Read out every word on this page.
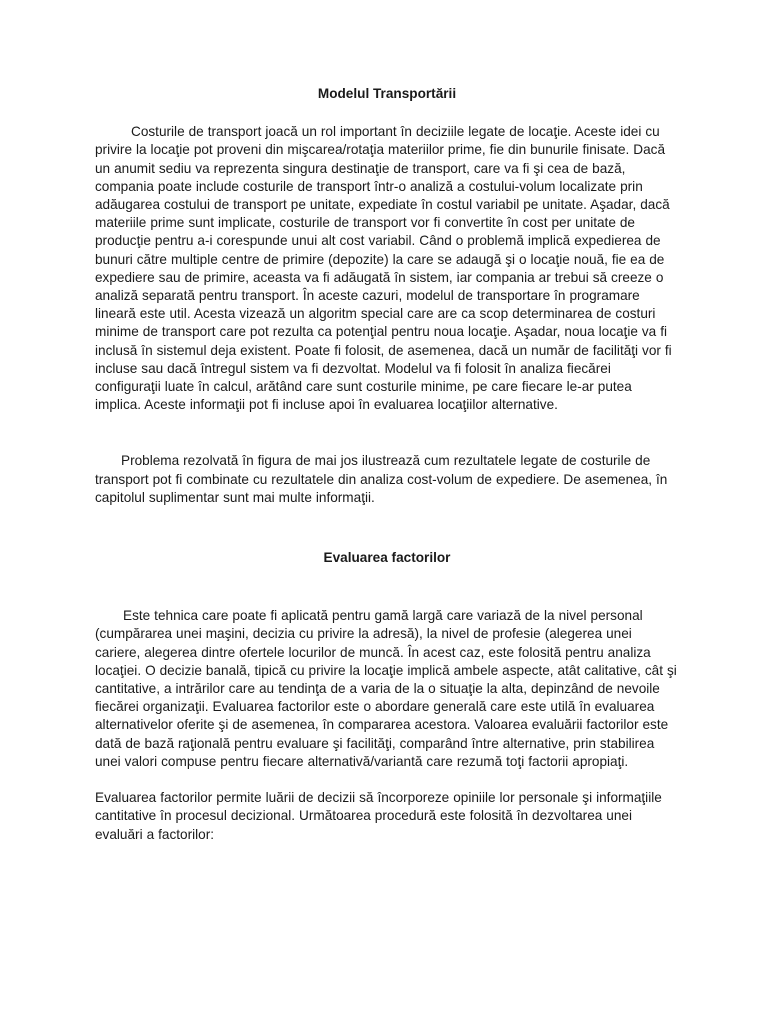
Modelul Transportării

Costurile de transport joacă un rol important în deciziile legate de locaţie. Aceste idei cu privire la locaţie pot proveni din mişcarea/rotaţia materiilor prime, fie din bunurile finisate. Dacă un anumit sediu va reprezenta singura destinaţie de transport, care va fi şi cea de bază, compania poate include costurile de transport într-o analiză a costului-volum localizate prin adăugarea costului de transport pe unitate, expediate în costul variabil pe unitate. Aşadar, dacă materiile prime sunt implicate, costurile de transport vor fi convertite în cost per unitate de producţie pentru a-i corespunde unui alt cost variabil. Când o problemă implică expedierea de bunuri către multiple centre de primire (depozite) la care se adaugă şi o locaţie nouă, fie ea de expediere sau de primire, aceasta va fi adăugată în sistem, iar compania ar trebui să creeze o analiză separată pentru transport. În aceste cazuri, modelul de transportare în programare lineară este util. Acesta vizează un algoritm special care are ca scop determinarea de costuri minime de transport care pot rezulta ca potenţial pentru noua locaţie. Aşadar, noua locaţie va fi inclusă în sistemul deja existent. Poate fi folosit, de asemenea, dacă un număr de facilităţi vor fi incluse sau dacă întregul sistem va fi dezvoltat. Modelul va fi folosit în analiza fiecărei configuraţii luate în calcul, arătând care sunt costurile minime, pe care fiecare le-ar putea implica. Aceste informaţii pot fi incluse apoi în evaluarea locaţiilor alternative.

Problema rezolvată în figura de mai jos ilustrează cum rezultatele legate de costurile de transport pot fi combinate cu rezultatele din analiza cost-volum de expediere. De asemenea, în capitolul suplimentar sunt mai multe informaţii.

Evaluarea factorilor

Este tehnica care poate fi aplicată pentru gamă largă care variază de la nivel personal (cumpărarea unei maşini, decizia cu privire la adresă), la nivel de profesie (alegerea unei cariere, alegerea dintre ofertele locurilor de muncă. În acest caz, este folosită pentru analiza locaţiei. O decizie banală, tipică cu privire la locaţie implică ambele aspecte, atât calitative, cât şi cantitative, a intrărilor care au tendinţa de a varia de la o situaţie la alta, depinzând de nevoile fiecărei organizaţii. Evaluarea factorilor este o abordare generală care este utilă în evaluarea alternativelor oferite şi de asemenea, în compararea acestora. Valoarea evaluării factorilor este dată de bază raţională pentru evaluare şi facilităţi, comparând între alternative, prin stabilirea unei valori compuse pentru fiecare alternativă/variantă care rezumă toţi factorii apropiaţi.

Evaluarea factorilor permite luării de decizii să încorporeze opiniile lor personale şi informaţiile cantitative în procesul decizional. Următoarea procedură este folosită în dezvoltarea unei evaluări a factorilor:
